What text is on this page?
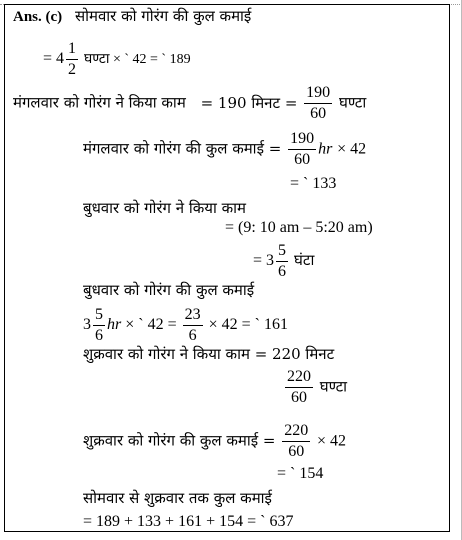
Ans. (c) सोमवार को गोरंग की कुल कमाई
= $4 \frac{1}{2}$ घण्टा × ` 42 = ` 189
मंगलवार को गोरंग ने किया काम = 190 मिनट = $\frac{190}{60}$ घण्टा
मंगलवार को गोरंग की कुल कमाई = $\frac{190}{60}$ hr × 42
= ` 133
बुधवार को गोरंग ने किया काम
= (9: 10 am – 5:20 am)
= $3 \frac{5}{6}$ घंटा
बुधवार को गोरंग की कुल कमाई
$3 \frac{5}{6}$ hr × ` $42 = \frac{23}{6} \times 42$ = ` 161
शुक्रवार को गोरंग ने किया काम = 220 मिनट
$\frac{220}{60}$ घण्टा
शुक्रवार को गोरंग की कुल कमाई = $\frac{220}{60} \times 42$
= ` 154
सोमवार से शुक्रवार तक कुल कमाई
= 189 + 133 + 161 + 154 = ` 637
